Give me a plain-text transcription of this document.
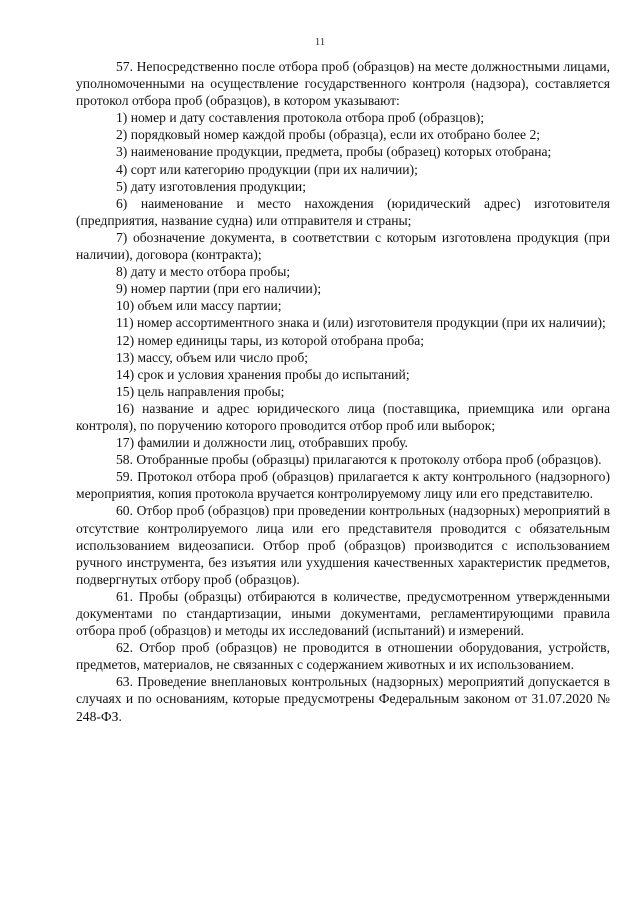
11

57. Непосредственно после отбора проб (образцов) на месте должностными лицами, уполномоченными на осуществление государственного контроля (надзора), составляется протокол отбора проб (образцов), в котором указывают:

1) номер и дату составления протокола отбора проб (образцов);

2) порядковый номер каждой пробы (образца), если их отобрано более 2;

3) наименование продукции, предмета, пробы (образец) которых отобрана;

4) сорт или категорию продукции (при их наличии);

5) дату изготовления продукции;

6) наименование и место нахождения (юридический адрес) изготовителя (предприятия, название судна) или отправителя и страны;

7) обозначение документа, в соответствии с которым изготовлена продукция (при наличии), договора (контракта);

8) дату и место отбора пробы;

9) номер партии (при его наличии);

10) объем или массу партии;

11) номер ассортиментного знака и (или) изготовителя продукции (при их наличии);

12) номер единицы тары, из которой отобрана проба;

13) массу, объем или число проб;

14) срок и условия хранения пробы до испытаний;

15) цель направления пробы;

16) название и адрес юридического лица (поставщика, приемщика или органа контроля), по поручению которого проводится отбор проб или выборок;

17) фамилии и должности лиц, отобравших пробу.

58. Отобранные пробы (образцы) прилагаются к протоколу отбора проб (образцов).

59. Протокол отбора проб (образцов) прилагается к акту контрольного (надзорного) мероприятия, копия протокола вручается контролируемому лицу или его представителю.

60. Отбор проб (образцов) при проведении контрольных (надзорных) мероприятий в отсутствие контролируемого лица или его представителя проводится с обязательным использованием видеозаписи. Отбор проб (образцов) производится с использованием ручного инструмента, без изъятия или ухудшения качественных характеристик предметов, подвергнутых отбору проб (образцов).

61. Пробы (образцы) отбираются в количестве, предусмотренном утвержденными документами по стандартизации, иными документами, регламентирующими правила отбора проб (образцов) и методы их исследований (испытаний) и измерений.

62. Отбор проб (образцов) не проводится в отношении оборудования, устройств, предметов, материалов, не связанных с содержанием животных и их использованием.

63. Проведение внеплановых контрольных (надзорных) мероприятий допускается в случаях и по основаниям, которые предусмотрены Федеральным законом от 31.07.2020 № 248-ФЗ.
